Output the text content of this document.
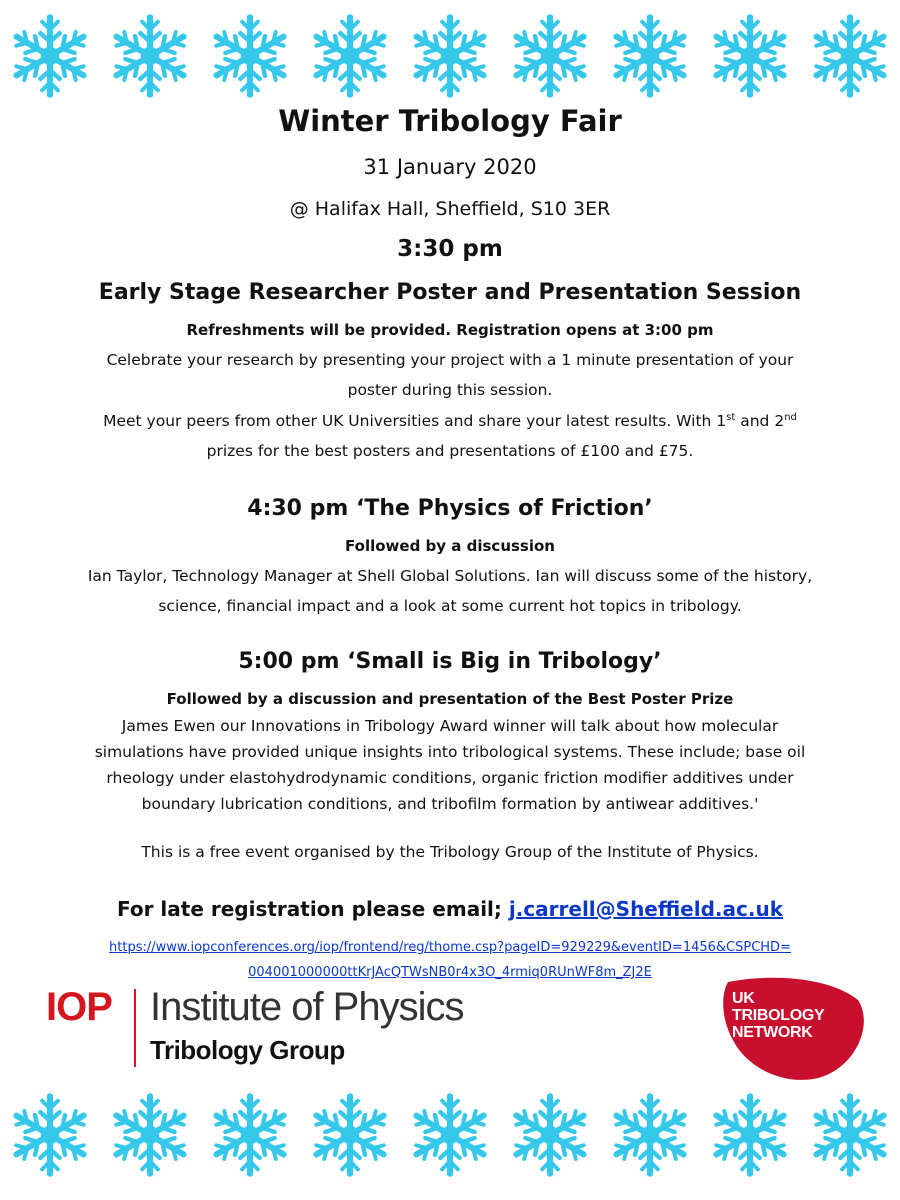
Winter Tribology Fair
31 January 2020
@ Halifax Hall, Sheffield, S10 3ER
3:30 pm
Early Stage Researcher Poster and Presentation Session
Refreshments will be provided. Registration opens at 3:00 pm
Celebrate your research by presenting your project with a 1 minute presentation of your
poster during this session.
Meet your peers from other UK Universities and share your latest results. With 1st and 2nd
prizes for the best posters and presentations of £100 and £75.
4:30 pm ‘The Physics of Friction’
Followed by a discussion
Ian Taylor, Technology Manager at Shell Global Solutions. Ian will discuss some of the history,
science, financial impact and a look at some current hot topics in tribology.
5:00 pm ‘Small is Big in Tribology’
Followed by a discussion and presentation of the Best Poster Prize
James Ewen our Innovations in Tribology Award winner will talk about how molecular
simulations have provided unique insights into tribological systems. These include; base oil
rheology under elastohydrodynamic conditions, organic friction modifier additives under
boundary lubrication conditions, and tribofilm formation by antiwear additives.'
This is a free event organised by the Tribology Group of the Institute of Physics.
For late registration please email; j.carrell@Sheffield.ac.uk
https://www.iopconferences.org/iop/frontend/reg/thome.csp?pageID=929229&eventID=1456&CSPCHD=
004001000000ttKrJAcQTWsNB0r4x3O_4rmiq0RUnWF8m_ZJ2E
IOP Institute of Physics
Tribology Group
UK
TRIBOLOGY
NETWORK
